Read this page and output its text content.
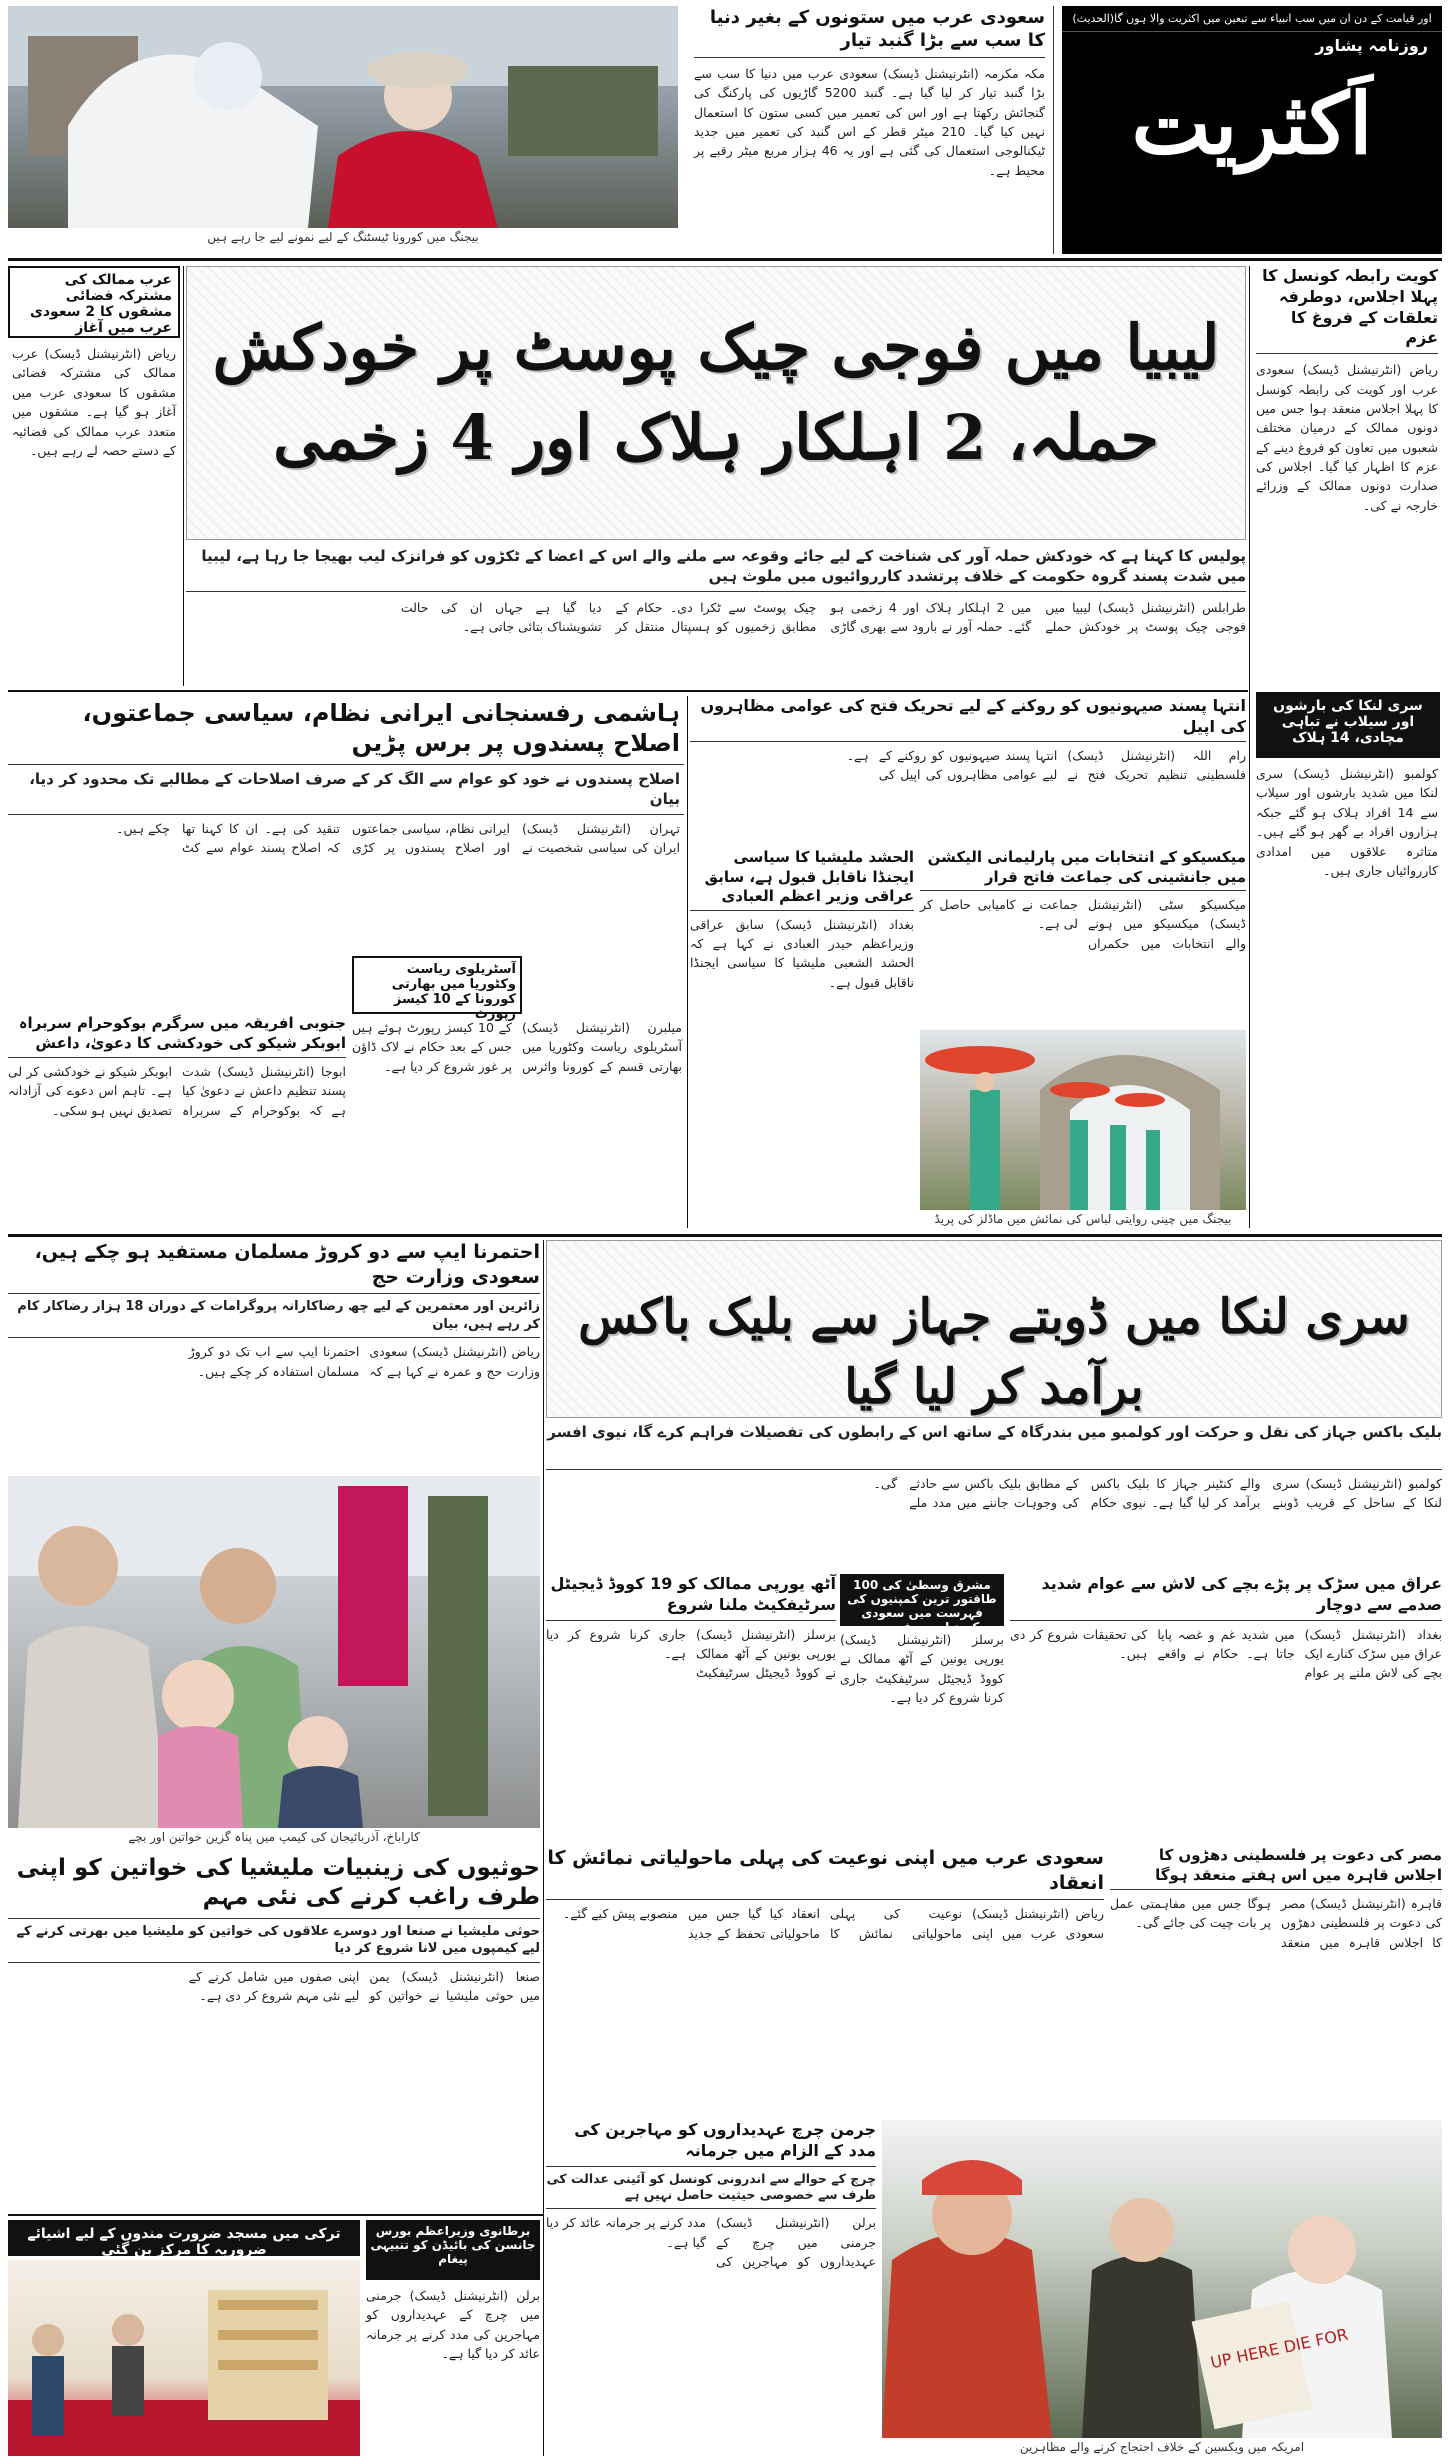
اور قیامت کے دن ان میں سب انبیاء سے تبعین میں اکثریت والا ہوں گا(الحدیث)
روزنامہ پشاور
اَکثریت
سعودی عرب میں ستونوں کے بغیر دنیا کا سب سے بڑا گنبد تیار
مکہ مکرمہ (انٹرنیشنل ڈیسک) سعودی عرب میں دنیا کا سب سے بڑا گنبد تیار کر لیا گیا ہے۔ گنبد 5200 گاڑیوں کی پارکنگ کی گنجائش رکھتا ہے اور اس کی تعمیر میں کسی ستون کا استعمال نہیں کیا گیا۔ 210 میٹر قطر کے اس گنبد کی تعمیر میں جدید ٹیکنالوجی استعمال کی گئی ہے اور یہ 46 ہزار مربع میٹر رقبے پر محیط ہے۔
بیجنگ میں کورونا ٹیسٹنگ کے لیے نمونے لیے جا رہے ہیں
کویت رابطہ کونسل کا پہلا اجلاس، دوطرفہ تعلقات کے فروغ کا عزم
ریاض (انٹرنیشنل ڈیسک) سعودی عرب اور کویت کی رابطہ کونسل کا پہلا اجلاس منعقد ہوا جس میں دونوں ممالک کے درمیان مختلف شعبوں میں تعاون کو فروغ دینے کے عزم کا اظہار کیا گیا۔ اجلاس کی صدارت دونوں ممالک کے وزرائے خارجہ نے کی۔
سری لنکا کی بارشوں اور سیلاب نے تباہی مچادی، 14 ہلاک
کولمبو (انٹرنیشنل ڈیسک) سری لنکا میں شدید بارشوں اور سیلاب سے 14 افراد ہلاک ہو گئے جبکہ ہزاروں افراد بے گھر ہو گئے ہیں۔ متاثرہ علاقوں میں امدادی کارروائیاں جاری ہیں۔
عرب ممالک کی مشترکہ فضائی مشقوں کا 2 سعودی عرب میں آغاز
ریاض (انٹرنیشنل ڈیسک) عرب ممالک کی مشترکہ فضائی مشقوں کا سعودی عرب میں آغاز ہو گیا ہے۔ مشقوں میں متعدد عرب ممالک کی فضائیہ کے دستے حصہ لے رہے ہیں۔
لیبیا میں فوجی چیک پوسٹ پر خودکش حملہ، 2 اہلکار ہلاک اور 4 زخمی
پولیس کا کہنا ہے کہ خودکش حملہ آور کی شناخت کے لیے جائے وقوعہ سے ملنے والے اس کے اعضا کے ٹکڑوں کو فرانزک لیب بھیجا جا رہا ہے، لیبیا میں شدت پسند گروہ حکومت کے خلاف پرتشدد کارروائیوں میں ملوث ہیں
طرابلس (انٹرنیشنل ڈیسک) لیبیا میں فوجی چیک پوسٹ پر خودکش حملے میں 2 اہلکار ہلاک اور 4 زخمی ہو گئے۔ حملہ آور نے بارود سے بھری گاڑی چیک پوسٹ سے ٹکرا دی۔ حکام کے مطابق زخمیوں کو ہسپتال منتقل کر دیا گیا ہے جہاں ان کی حالت تشویشناک بتائی جاتی ہے۔
ہاشمی رفسنجانی ایرانی نظام، سیاسی جماعتوں، اصلاح پسندوں پر برس پڑیں
اصلاح پسندوں نے خود کو عوام سے الگ کر کے صرف اصلاحات کے مطالبے تک محدود کر دیا، بیان
تہران (انٹرنیشنل ڈیسک) ایران کی سیاسی شخصیت نے ایرانی نظام، سیاسی جماعتوں اور اصلاح پسندوں پر کڑی تنقید کی ہے۔ ان کا کہنا تھا کہ اصلاح پسند عوام سے کٹ چکے ہیں۔
آسٹریلوی ریاست وکٹوریا میں بھارتی کورونا کے 10 کیسز رپورٹ
میلبرن (انٹرنیشنل ڈیسک) آسٹریلوی ریاست وکٹوریا میں بھارتی قسم کے کورونا وائرس کے 10 کیسز رپورٹ ہوئے ہیں جس کے بعد حکام نے لاک ڈاؤن پر غور شروع کر دیا ہے۔
جنوبی افریقہ میں سرگرم بوکوحرام سربراہ ابوبکر شیکو کی خودکشی کا دعویٰ، داعش
ابوجا (انٹرنیشنل ڈیسک) شدت پسند تنظیم داعش نے دعویٰ کیا ہے کہ بوکوحرام کے سربراہ ابوبکر شیکو نے خودکشی کر لی ہے۔ تاہم اس دعوے کی آزادانہ تصدیق نہیں ہو سکی۔
انتہا پسند صیہونیوں کو روکنے کے لیے تحریک فتح کی عوامی مظاہروں کی اپیل
رام اللہ (انٹرنیشنل ڈیسک) فلسطینی تنظیم تحریک فتح نے انتہا پسند صیہونیوں کو روکنے کے لیے عوامی مظاہروں کی اپیل کی ہے۔
میکسیکو کے انتخابات میں پارلیمانی الیکشن میں جانشینی کی جماعت فاتح قرار
میکسیکو سٹی (انٹرنیشنل ڈیسک) میکسیکو میں ہونے والے انتخابات میں حکمراں جماعت نے کامیابی حاصل کر لی ہے۔
الحشد ملیشیا کا سیاسی ایجنڈا ناقابل قبول ہے، سابق عراقی وزیر اعظم العبادی
بغداد (انٹرنیشنل ڈیسک) سابق عراقی وزیراعظم حیدر العبادی نے کہا ہے کہ الحشد الشعبی ملیشیا کا سیاسی ایجنڈا ناقابل قبول ہے۔
بیجنگ میں چینی روایتی لباس کی نمائش میں ماڈلز کی پریڈ
سری لنکا میں ڈوبتے جہاز سے بلیک باکس برآمد کر لیا گیا
بلیک باکس جہاز کی نقل و حرکت اور کولمبو میں بندرگاہ کے ساتھ اس کے رابطوں کی تفصیلات فراہم کرے گا، نیوی افسر
کولمبو (انٹرنیشنل ڈیسک) سری لنکا کے ساحل کے قریب ڈوبنے والے کنٹینر جہاز کا بلیک باکس برآمد کر لیا گیا ہے۔ نیوی حکام کے مطابق بلیک باکس سے حادثے کی وجوہات جاننے میں مدد ملے گی۔
احتمرنا ایپ سے دو کروڑ مسلمان مستفید ہو چکے ہیں، سعودی وزارت حج
زائرین اور معتمرین کے لیے چھ رضاکارانہ پروگرامات کے دوران 18 ہزار رضاکار کام کر رہے ہیں، بیان
ریاض (انٹرنیشنل ڈیسک) سعودی وزارت حج و عمرہ نے کہا ہے کہ احتمرنا ایپ سے اب تک دو کروڑ مسلمان استفادہ کر چکے ہیں۔
کاراباخ، آذربائیجان کی کیمپ میں پناہ گزین خواتین اور بچے
عراق میں سڑک پر پڑے بچے کی لاش سے عوام شدید صدمے سے دوچار
بغداد (انٹرنیشنل ڈیسک) عراق میں سڑک کنارے ایک بچے کی لاش ملنے پر عوام میں شدید غم و غصہ پایا جاتا ہے۔ حکام نے واقعے کی تحقیقات شروع کر دی ہیں۔
مشرق وسطیٰ کی 100 طاقتور ترین کمپنیوں کی فہرست میں سعودی کمپنیاں سرفہرست
آٹھ یورپی ممالک کو 19 کووڈ ڈیجیٹل سرٹیفکیٹ ملنا شروع
برسلز (انٹرنیشنل ڈیسک) یورپی یونین کے آٹھ ممالک نے کووڈ ڈیجیٹل سرٹیفکیٹ جاری کرنا شروع کر دیا ہے۔
برسلز (انٹرنیشنل ڈیسک) یورپی یونین کے آٹھ ممالک نے کووڈ ڈیجیٹل سرٹیفکیٹ جاری کرنا شروع کر دیا ہے۔
سعودی عرب میں اپنی نوعیت کی پہلی ماحولیاتی نمائش کا انعقاد
ریاض (انٹرنیشنل ڈیسک) سعودی عرب میں اپنی نوعیت کی پہلی ماحولیاتی نمائش کا انعقاد کیا گیا جس میں ماحولیاتی تحفظ کے جدید منصوبے پیش کیے گئے۔
مصر کی دعوت پر فلسطینی دھڑوں کا اجلاس قاہرہ میں اس ہفتے منعقد ہوگا
قاہرہ (انٹرنیشنل ڈیسک) مصر کی دعوت پر فلسطینی دھڑوں کا اجلاس قاہرہ میں منعقد ہوگا جس میں مفاہمتی عمل پر بات چیت کی جائے گی۔
حوثیوں کی زینبیات ملیشیا کی خواتین کو اپنی طرف راغب کرنے کی نئی مہم
حوثی ملیشیا نے صنعا اور دوسرے علاقوں کی خواتین کو ملیشیا میں بھرتی کرنے کے لیے کیمپوں میں لانا شروع کر دیا
صنعا (انٹرنیشنل ڈیسک) یمن میں حوثی ملیشیا نے خواتین کو اپنی صفوں میں شامل کرنے کے لیے نئی مہم شروع کر دی ہے۔
ترکی میں مسجد ضرورت مندوں کے لیے اشیائے ضروریہ کا مرکز بن گئی
برطانوی وزیراعظم بورس جانسن کی بائیڈن کو تنبیہی پیغام
برلن (انٹرنیشنل ڈیسک) جرمنی میں چرچ کے عہدیداروں کو مہاجرین کی مدد کرنے پر جرمانہ عائد کر دیا گیا ہے۔
جرمن چرچ عہدیداروں کو مہاجرین کی مدد کے الزام میں جرمانہ
چرچ کے حوالے سے اندرونی کونسل کو آئینی عدالت کی طرف سے خصوصی حیثیت حاصل نہیں ہے
برلن (انٹرنیشنل ڈیسک) جرمنی میں چرچ کے عہدیداروں کو مہاجرین کی مدد کرنے پر جرمانہ عائد کر دیا گیا ہے۔
UP HERE DIE FOR
امریکہ میں ویکسین کے خلاف احتجاج کرنے والے مظاہرین
